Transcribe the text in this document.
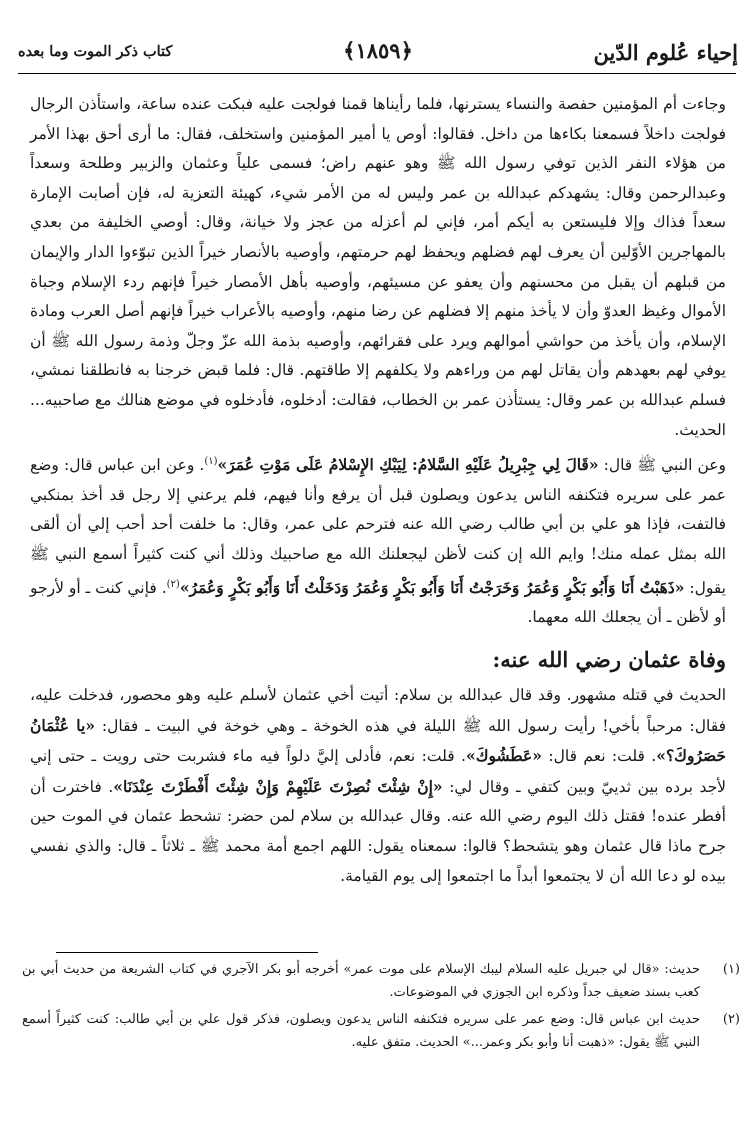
إحياء عُلوم الدّين
﴿١٨٥٩﴾
كتاب ذكر الموت وما بعده

وجاءت أم المؤمنين حفصة والنساء يسترنها، فلما رأيناها قمنا فولجت عليه فبكت عنده ساعة، واستأذن الرجال فولجت داخلاً فسمعنا بكاءها من داخل. فقالوا: أوص يا أمير المؤمنين واستخلف، فقال: ما أرى أحق بهذا الأمر من هؤلاء النفر الذين توفي رسول الله ﷺ وهو عنهم راض؛ فسمى علياً وعثمان والزبير وطلحة وسعداً وعبدالرحمن وقال: يشهدكم عبدالله بن عمر وليس له من الأمر شيء، كهيئة التعزية له، فإن أصابت الإمارة سعداً فذاك وإلا فليستعن به أيكم أمر، فإني لم أعزله من عجز ولا خيانة، وقال: أوصي الخليفة من بعدي بالمهاجرين الأوّلين أن يعرف لهم فضلهم ويحفظ لهم حرمتهم، وأوصيه بالأنصار خيراً الذين تبوّءوا الدار والإيمان من قبلهم أن يقبل من محسنهم وأن يعفو عن مسيئهم، وأوصيه بأهل الأمصار خيراً فإنهم ردء الإسلام وجباة الأموال وغيظ العدوّ وأن لا يأخذ منهم إلا فضلهم عن رضا منهم، وأوصيه بالأعراب خيراً فإنهم أصل العرب ومادة الإسلام، وأن يأخذ من حواشي أموالهم ويرد على فقرائهم، وأوصيه بذمة الله عزّ وجلّ وذمة رسول الله ﷺ أن يوفي لهم بعهدهم وأن يقاتل لهم من وراءهم ولا يكلفهم إلا طاقتهم. قال: فلما قبض خرجنا به فانطلقنا نمشي، فسلم عبدالله بن عمر وقال: يستأذن عمر بن الخطاب، فقالت: أدخلوه، فأدخلوه في موضع هنالك مع صاحبيه... الحديث.

وعن النبي ﷺ قال: «قَالَ لِي جِبْرِيلُ عَلَيْهِ السَّلامُ: لِيَبْكِ الإِسْلامُ عَلَى مَوْتِ عُمَرَ»$^{(١)}$. وعن ابن عباس قال: وضع عمر على سريره فتكنفه الناس يدعون ويصلون قبل أن يرفع وأنا فيهم، فلم يرعني إلا رجل قد أخذ بمنكبي فالتفت، فإذا هو علي بن أبي طالب رضي الله عنه فترحم على عمر، وقال: ما خلفت أحد أحب إلي أن ألقى الله بمثل عمله منك! وايم الله إن كنت لأظن ليجعلنك الله مع صاحبيك وذلك أني كنت كثيراً أسمع النبي ﷺ يقول: «ذَهَبْتُ أَنَا وَأَبُو بَكْرٍ وَعُمَرُ وَخَرَجْتُ أَنَا وَأَبُو بَكْرٍ وَعُمَرُ وَدَخَلْتُ أَنَا وَأَبُو بَكْرٍ وَعُمَرُ»$^{(٢)}$. فإني كنت ـ أو لأرجو أو لأظن ـ أن يجعلك الله معهما.

وفاة عثمان رضي الله عنه:

الحديث في قتله مشهور. وقد قال عبدالله بن سلام: أتيت أخي عثمان لأسلم عليه وهو محصور، فدخلت عليه، فقال: مرحباً بأخي! رأيت رسول الله ﷺ الليلة في هذه الخوخة ـ وهي خوخة في البيت ـ فقال: «يا عُثْمَانُ حَصَرُوكَ؟». قلت: نعم قال: «عَطَشُوكَ». قلت: نعم، فأدلى إليَّ دلواً فيه ماء فشربت حتى رويت ـ حتى إني لأجد برده بين ثدييّ وبين كتفي ـ وقال لي: «إِنْ شِئْتَ نُصِرْتَ عَلَيْهِمْ وَإِنْ شِئْتَ أَفْطَرْتَ عِنْدَنَا». فاخترت أن أفطر عنده! فقتل ذلك اليوم رضي الله عنه. وقال عبدالله بن سلام لمن حضر: تشحط عثمان في الموت حين جرح ماذا قال عثمان وهو يتشحط؟ قالوا: سمعناه يقول: اللهم اجمع أمة محمد ﷺ ـ ثلاثاً ـ قال: والذي نفسي بيده لو دعا الله أن لا يجتمعوا أبداً ما اجتمعوا إلى يوم القيامة.

(١)
حديث: «قال لي جبريل عليه السلام ليبك الإسلام على موت عمر» أخرجه أبو بكر الآجري في كتاب الشريعة من حديث أبي بن كعب بسند ضعيف جداً وذكره ابن الجوزي في الموضوعات.
(٢)
حديث ابن عباس قال: وضع عمر على سريره فتكنفه الناس يدعون ويصلون، فذكر قول علي بن أبي طالب: كنت كثيراً أسمع النبي ﷺ يقول: «ذهبت أنا وأبو بكر وعمر...» الحديث. متفق عليه.
